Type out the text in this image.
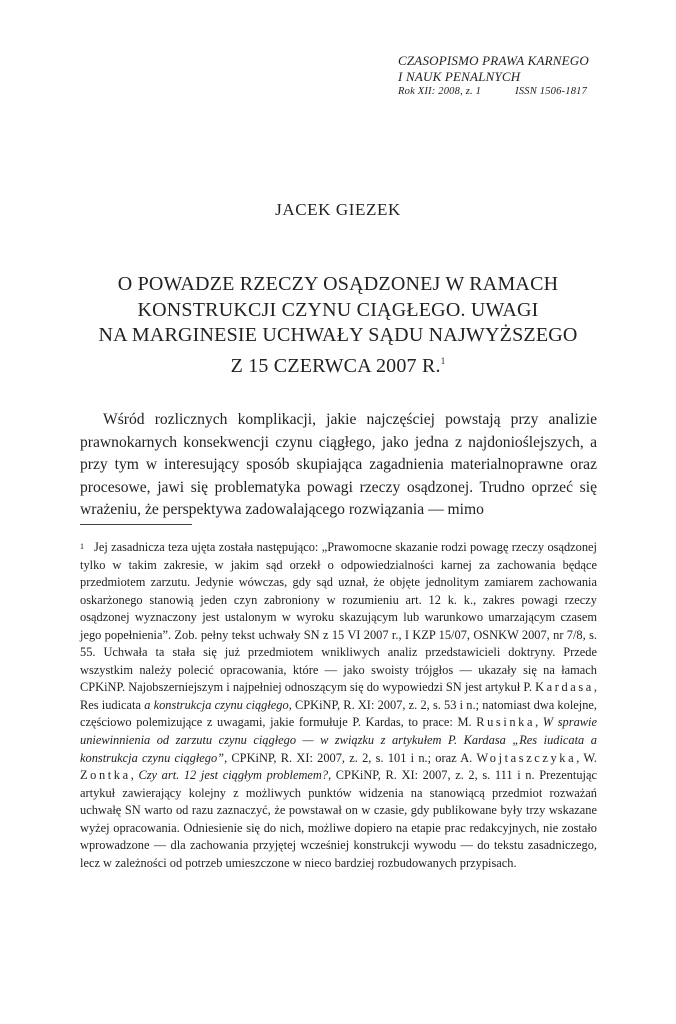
CZASOPISMO PRAWA KARNEGO
I NAUK PENALNYCH
Rok XII: 2008, z. 1	ISSN 1506-1817
JACEK GIEZEK
O POWADZE RZECZY OSĄDZONEJ W RAMACH
KONSTRUKCJI CZYNU CIĄGŁEGO. UWAGI
NA MARGINESIE UCHWAŁY SĄDU NAJWYŻSZEGO
Z 15 CZERWCA 2007 R.$^1$

Wśród rozlicznych komplikacji, jakie najczęściej powstają przy analizie prawnokarnych konsekwencji czynu ciągłego, jako jedna z najdonioślejszych, a przy tym w interesujący sposób skupiająca zagadnienia materialnoprawne oraz procesowe, jawi się problematyka powagi rzeczy osądzonej. Trudno oprzeć się wrażeniu, że perspektywa zadowalającego rozwiązania — mimo

1 Jej zasadnicza teza ujęta została następująco: „Prawomocne skazanie rodzi powagę rzeczy osądzonej tylko w takim zakresie, w jakim sąd orzekł o odpowiedzialności karnej za zachowania będące przedmiotem zarzutu. Jedynie wówczas, gdy sąd uznał, że objęte jednolitym zamiarem zachowania oskarżonego stanowią jeden czyn zabroniony w rozumieniu art. 12 k. k., zakres powagi rzeczy osądzonej wyznaczony jest ustalonym w wyroku skazującym lub warunkowo umarzającym czasem jego popełnienia”. Zob. pełny tekst uchwały SN z 15 VI 2007 r., I KZP 15/07, OSNKW 2007, nr 7/8, s. 55. Uchwała ta stała się już przedmiotem wnikliwych analiz przedstawicieli doktryny. Przede wszystkim należy polecić opracowania, które — jako swoisty trójgłos — ukazały się na łamach CPKiNP. Najobszerniejszym i najpełniej odnoszącym się do wypowiedzi SN jest artykuł P. Kardasa, Res iudicata a konstrukcja czynu ciągłego, CPKiNP, R. XI: 2007, z. 2, s. 53 i n.; natomiast dwa kolejne, częściowo polemizujące z uwagami, jakie formułuje P. Kardas, to prace: M. Rusinka, W sprawie uniewinnienia od zarzutu czynu ciągłego — w związku z artykułem P. Kardasa „Res iudicata a konstrukcja czynu ciągłego”, CPKiNP, R. XI: 2007, z. 2, s. 101 i n.; oraz A. Wojtaszczyka, W. Zontka, Czy art. 12 jest ciągłym problemem?, CPKiNP, R. XI: 2007, z. 2, s. 111 i n. Prezentując artykuł zawierający kolejny z możliwych punktów widzenia na stanowiącą przedmiot rozważań uchwałę SN warto od razu zaznaczyć, że powstawał on w czasie, gdy publikowane były trzy wskazane wyżej opracowania. Odniesienie się do nich, możliwe dopiero na etapie prac redakcyjnych, nie zostało wprowadzone — dla zachowania przyjętej wcześniej konstrukcji wywodu — do tekstu zasadniczego, lecz w zależności od potrzeb umieszczone w nieco bardziej rozbudowanych przypisach.
